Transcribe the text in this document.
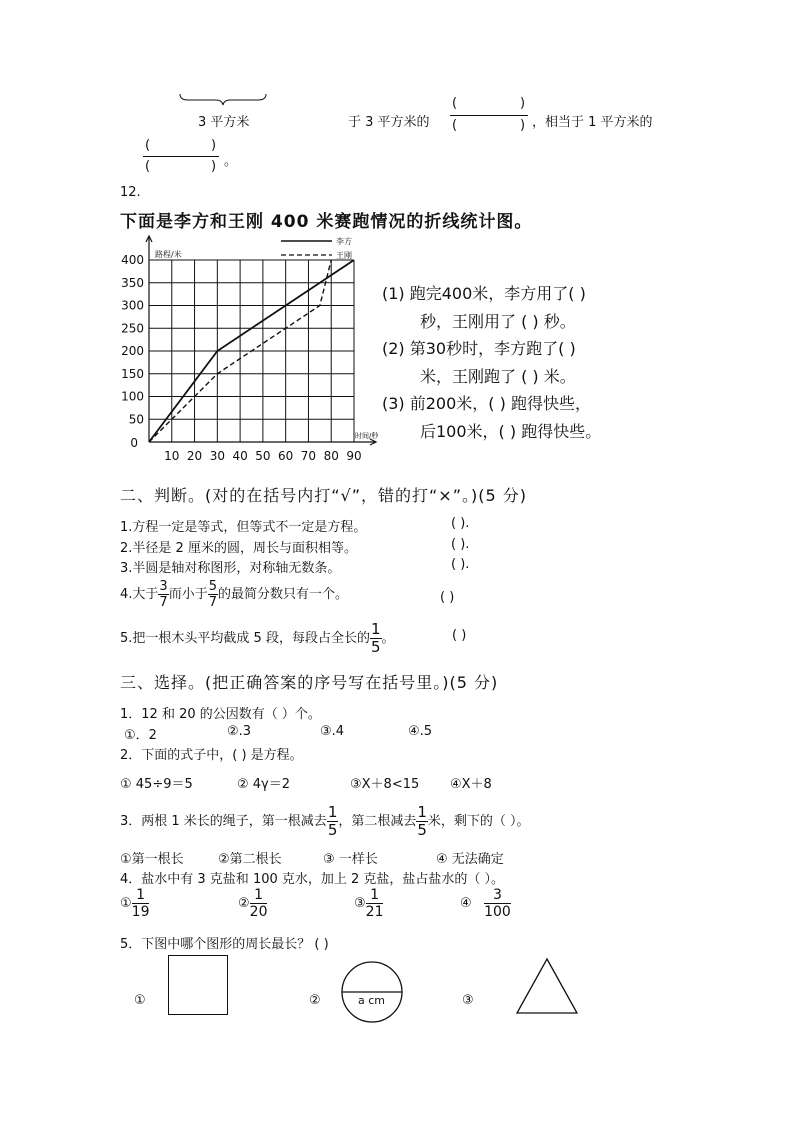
3 平方米	于 3 平方米的
(	)
(	) ，相当于 1 平方米的
(	)
(	) 。
12.
下面是李方和王刚 400 米赛跑情况的折线统计图。
10 20 30 40 50 60 70 80 90
50
100
150
200
250
300
350
400
0
路程/米
时间/秒
李方
王刚
(1) 跑完400米，李方用了( )
秒，王刚用了 ( ) 秒。
(2) 第30秒时，李方跑了( )
米，王刚跑了 ( ) 米。
(3) 前200米，( ) 跑得快些，
后100米，( ) 跑得快些。
二、判断。(对的在括号内打“√”，错的打“×”。)(5 分)
1.方程一定是等式，但等式不一定是方程。	( ).
2.半径是 2 厘米的圆，周长与面积相等。	( ).
3.半圆是轴对称图形，对称轴无数条。	( ).
4.大于 $\frac{3}{7}$ 而小于 $\frac{5}{7}$ 的最简分数只有一个。	( )
5.把一根木头平均截成 5 段，每段占全长的 $\frac{1}{5}$ 。	( )
三、选择。(把正确答案的序号写在括号里。)(5 分)
1．12 和 20 的公因数有（ ）个。
①．2	②.3	③.4	④.5
2．下面的式子中，( ) 是方程。
① 45÷9＝5	② 4γ＝2	③X＋8<15 ④X＋8
3．两根 1 米长的绳子，第一根减去 $\frac{1}{5}$ ，第二根减去 $\frac{1}{5}$ 米，剩下的（ ）。
①第一根长	②第二根长	③ 一样长	④ 无法确定
4．盐水中有 3 克盐和 100 克水，加上 2 克盐，盐占盐水的（ ）。
① $\frac{1}{19}$	② $\frac{1}{20}$	③ $\frac{1}{21}$	④ $\frac{3}{100}$
5．下图中哪个图形的周长最长？ ( )
①	②	a cm	③
